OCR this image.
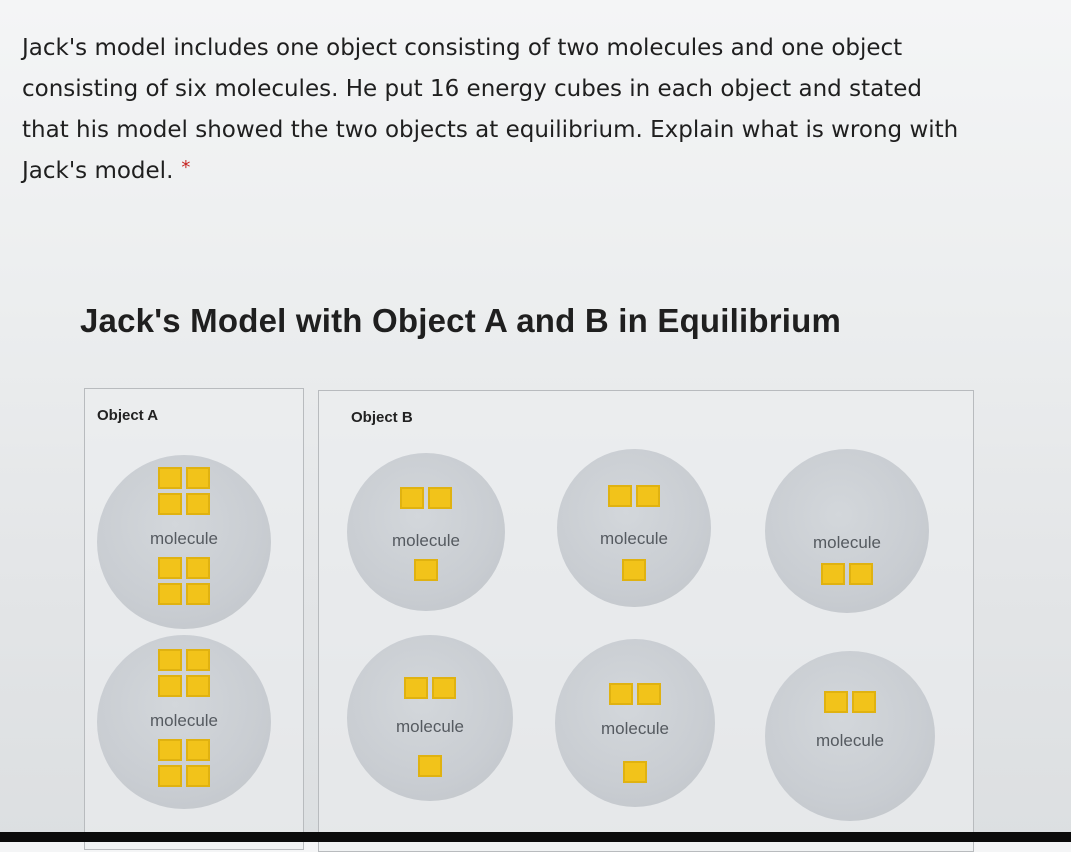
Jack's model includes one object consisting of two molecules and one object
consisting of six molecules. He put 16 energy cubes in each object and stated
that his model showed the two objects at equilibrium. Explain what is wrong with
Jack's model. *
Jack's Model with Object A and B in Equilibrium
Object A
molecule
molecule
Object B
molecule	molecule	molecule
molecule	molecule
molecule
